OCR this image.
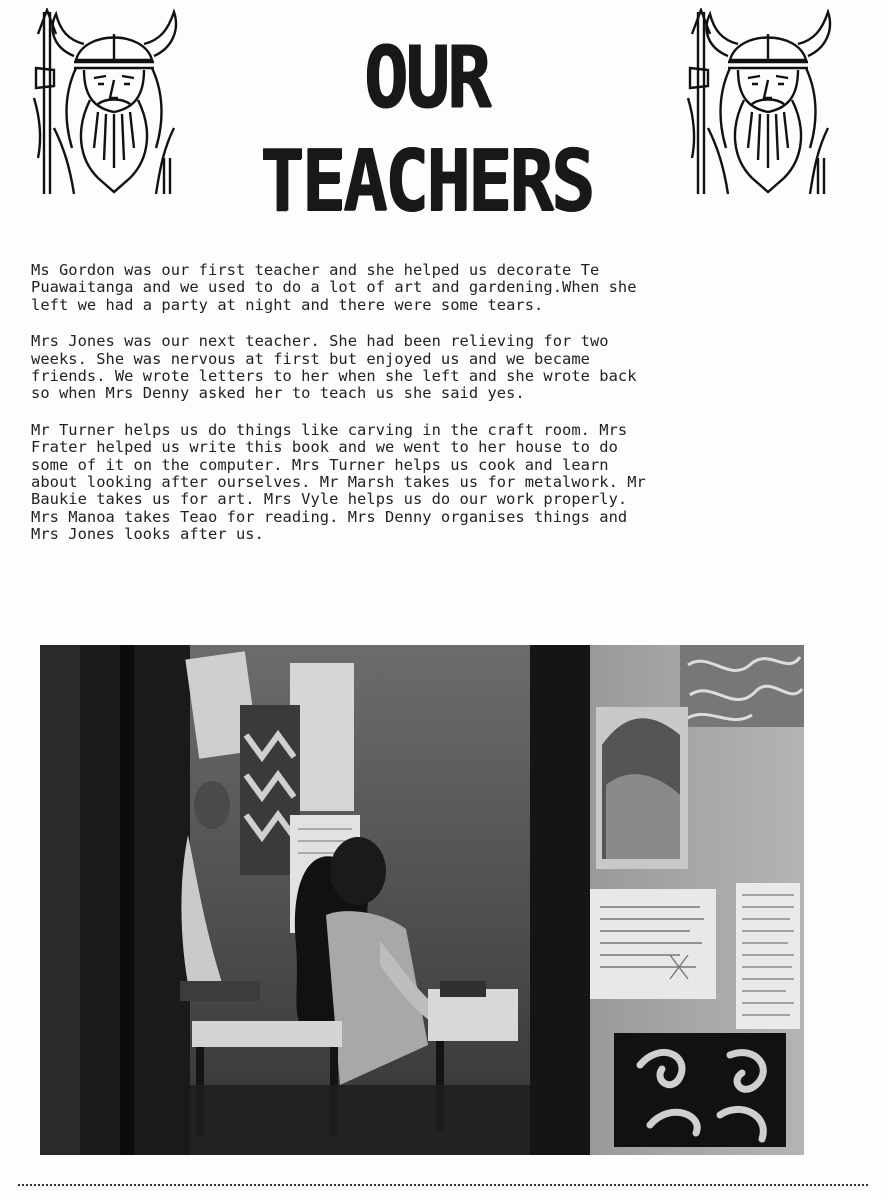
OUR TEACHERS

Ms Gordon was our first teacher and she helped us decorate Te
Puawaitanga and we used to do a lot of art and gardening.When she
left we had a party at night and there were some tears.

Mrs Jones was our next teacher. She had been relieving for two
weeks. She was nervous at first but enjoyed us and we became
friends. We wrote letters to her when she left and she wrote back
so when Mrs Denny asked her to teach us she said yes.

Mr Turner helps us do things like carving in the craft room. Mrs
Frater helped us write this book and we went to her house to do
some of it on the computer. Mrs Turner helps us cook and learn
about looking after ourselves. Mr Marsh takes us for metalwork. Mr
Baukie takes us for art. Mrs Vyle helps us do our work properly.
Mrs Manoa takes Teao for reading. Mrs Denny organises things and
Mrs Jones looks after us.
